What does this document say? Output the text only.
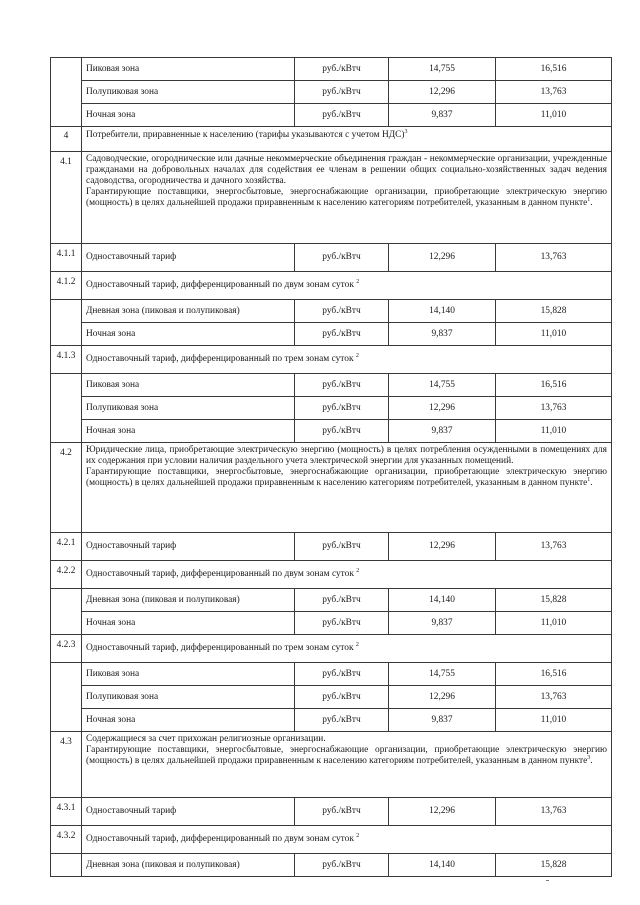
	Пиковая зона	руб./кВтч	14,755	16,516
	Полупиковая зона	руб./кВтч	12,296	13,763
	Ночная зона	руб./кВтч	9,837	11,010
4	Потребители, приравненные к населению (тарифы указываются с учетом НДС)$^3$
4.1	Садоводческие, огороднические или дачные некоммерческие объединения граждан - некоммерческие организации, учрежденные гражданами на добровольных началах для содействия ее членам в решении общих социально-хозяйственных задач ведения садоводства, огородничества и дачного хозяйства.
Гарантирующие поставщики, энергосбытовые, энергоснабжающие организации, приобретающие электрическую энергию (мощность) в целях дальнейшей продажи приравненным к населению категориям потребителей, указанным в данном пункте$^1$.			

4.1.1	Одноставочный тариф	руб./кВтч	12,296	13,763
4.1.2	Одноставочный тариф, дифференцированный по двум зонам суток $^2$
	Дневная зона (пиковая и полупиковая)	руб./кВтч	14,140	15,828
	Ночная зона	руб./кВтч	9,837	11,010
4.1.3	Одноставочный тариф, дифференцированный по трем зонам суток $^2$
	Пиковая зона	руб./кВтч	14,755	16,516
	Полупиковая зона	руб./кВтч	12,296	13,763
	Ночная зона	руб./кВтч	9,837	11,010
4.2	Юридические лица, приобретающие электрическую энергию (мощность) в целях потребления осужденными в помещениях для их содержания при условии наличия раздельного учета электрической энергии для указанных помещений.
Гарантирующие поставщики, энергосбытовые, энергоснабжающие организации, приобретающие электрическую энергию (мощность) в целях дальнейшей продажи приравненным к населению категориям потребителей, указанным в данном пункте$^1$.			

4.2.1	Одноставочный тариф	руб./кВтч	12,296	13,763
4.2.2	Одноставочный тариф, дифференцированный по двум зонам суток $^2$
	Дневная зона (пиковая и полупиковая)	руб./кВтч	14,140	15,828
	Ночная зона	руб./кВтч	9,837	11,010
4.2.3	Одноставочный тариф, дифференцированный по трем зонам суток $^2$
	Пиковая зона	руб./кВтч	14,755	16,516
	Полупиковая зона	руб./кВтч	12,296	13,763
	Ночная зона	руб./кВтч	9,837	11,010
4.3	Содержащиеся за счет прихожан религиозные организации.
Гарантирующие поставщики, энергосбытовые, энергоснабжающие организации, приобретающие электрическую энергию (мощность) в целях дальнейшей продажи приравненным к населению категориям потребителей, указанным в данном пункте$^3$.			

4.3.1	Одноставочный тариф	руб./кВтч	12,296	13,763
4.3.2	Одноставочный тариф, дифференцированный по двум зонам суток $^2$
	Дневная зона (пиковая и полупиковая)	руб./кВтч	14,140	15,828
